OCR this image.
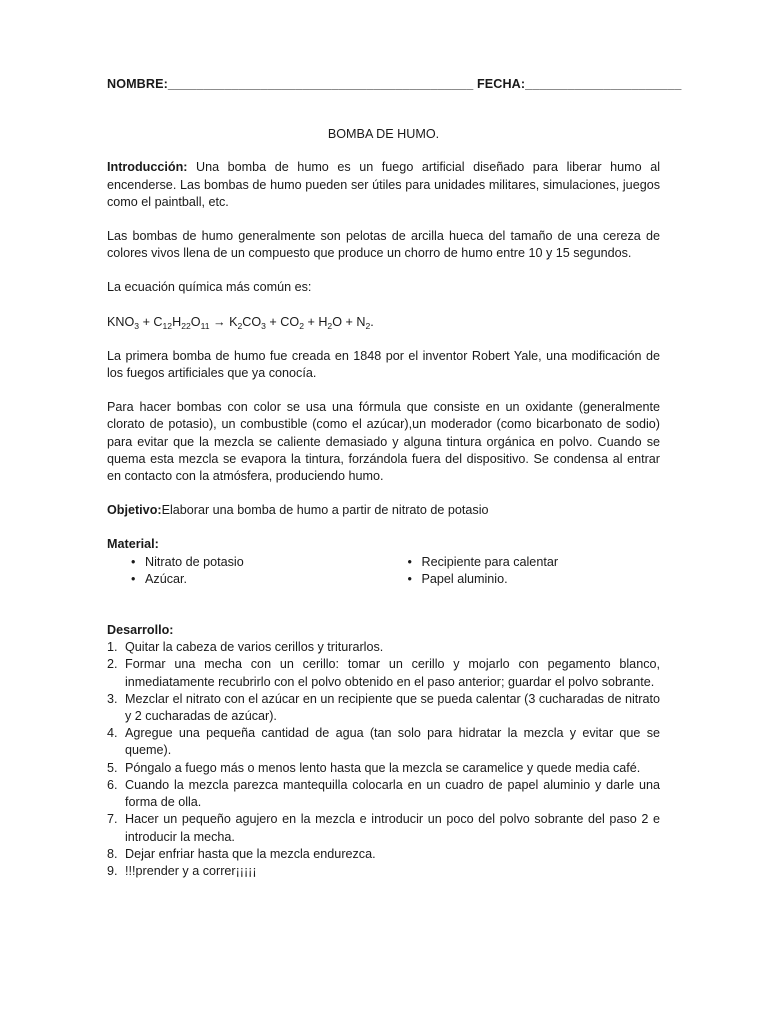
NOMBRE:___________________________________________ FECHA:______________________

BOMBA DE HUMO.

Introducción: Una bomba de humo es un fuego artificial diseñado para liberar humo al encenderse. Las bombas de humo pueden ser útiles para unidades militares, simulaciones, juegos como el paintball, etc.

Las bombas de humo generalmente son pelotas de arcilla hueca del tamaño de una cereza de colores vivos llena de un compuesto que produce un chorro de humo entre 10 y 15 segundos.

La ecuación química más común es:

$KNO_3 + C_{12}H_{22}O_{11} \to K_2CO_3 + CO_2 + H_2O + N_2$.

La primera bomba de humo fue creada en 1848 por el inventor Robert Yale, una modificación de los fuegos artificiales que ya conocía.

Para hacer bombas con color se usa una fórmula que consiste en un oxidante (generalmente clorato de potasio), un combustible (como el azúcar),un moderador (como bicarbonato de sodio) para evitar que la mezcla se caliente demasiado y alguna tintura orgánica en polvo. Cuando se quema esta mezcla se evapora la tintura, forzándola fuera del dispositivo. Se condensa al entrar en contacto con la atmósfera, produciendo humo.

Objetivo:Elaborar una bomba de humo a partir de nitrato de potasio

Material:

• Nitrato de potasio
• Azúcar.
• Recipiente para calentar
• Papel aluminio.

Desarrollo:

1. Quitar la cabeza de varios cerillos y triturarlos.
2. Formar una mecha con un cerillo: tomar un cerillo y mojarlo con pegamento blanco, inmediatamente recubrirlo con el polvo obtenido en el paso anterior; guardar el polvo sobrante.
3. Mezclar el nitrato con el azúcar en un recipiente que se pueda calentar (3 cucharadas de nitrato y 2 cucharadas de azúcar).
4. Agregue una pequeña cantidad de agua (tan solo para hidratar la mezcla y evitar que se queme).
5. Póngalo a fuego más o menos lento hasta que la mezcla se caramelice y quede media café.
6. Cuando la mezcla parezca mantequilla colocarla en un cuadro de papel aluminio y darle una forma de olla.
7. Hacer un pequeño agujero en la mezcla e introducir un poco del polvo sobrante del paso 2 e introducir la mecha.
8. Dejar enfriar hasta que la mezcla endurezca.
9. !!!prender y a correr¡¡¡¡¡
